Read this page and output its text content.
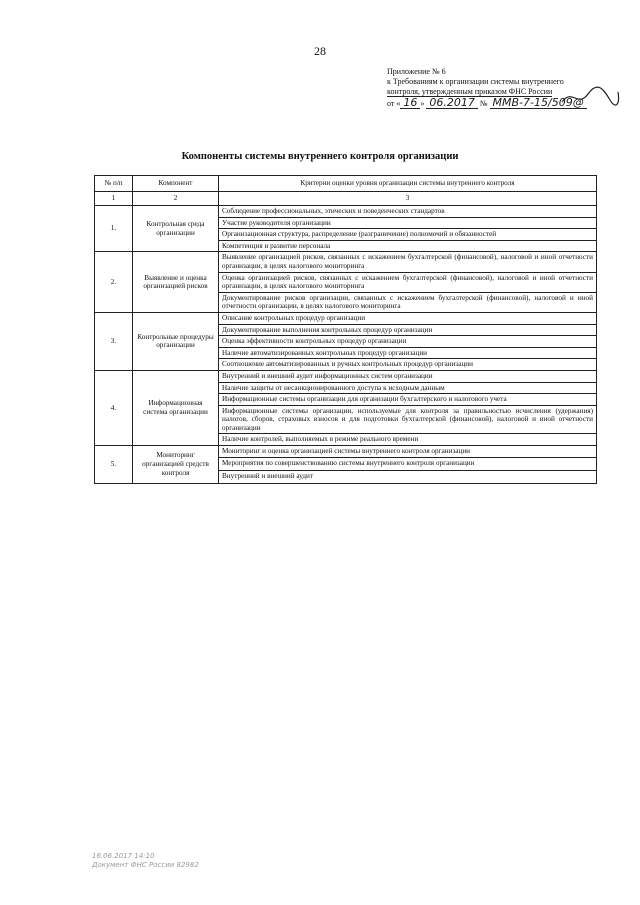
28
Приложение № 6
к Требованиям к организации системы внутреннего
контроля, утвержденным приказом ФНС России
от « 16 » 06.2017 № ММВ-7-15/509@
Компоненты системы внутреннего контроля организации
№ п/п	Компонент	Критерии оценки уровня организации системы внутреннего контроля
1	2	3
1.	Контрольная среда организации	Соблюдение профессиональных, этических и поведенческих стандартов
		Участие руководителя организации
		Организационная структура, распределение (разграничение) полномочий и обязанностей
		Компетенция и развитие персонала
2.	Выявление и оценка организацией рисков	Выявление организацией рисков, связанных с искажением бухгалтерской (финансовой), налоговой и иной отчетности организации, в целях налогового мониторинга
		Оценка организацией рисков, связанных с искажением бухгалтерской (финансовой), налоговой и иной отчетности организации, в целях налогового мониторинга
		Документирование рисков организации, связанных с искажением бухгалтерской (финансовой), налоговой и иной отчетности организации, в целях налогового мониторинга
3.	Контрольные процедуры организации	Описание контрольных процедур организации
		Документирование выполнения контрольных процедур организации
		Оценка эффективности контрольных процедур организации
		Наличие автоматизированных контрольных процедур организации
		Соотношение автоматизированных и ручных контрольных процедур организации
4.	Информационная система организации	Внутренний и внешний аудит информационных систем организации
		Наличие защиты от несанкционированного доступа к исходным данным
		Информационные системы организации для организации бухгалтерского и налогового учета
		Информационные системы организации, используемые для контроля за правильностью исчисления (удержания) налогов, сборов, страховых взносов и для подготовки бухгалтерской (финансовой), налоговой и иной отчетности организации
		Наличие контролей, выполняемых в режиме реального времени
5.	Мониторинг организацией средств контроля	Мониторинг и оценка организацией системы внутреннего контроля организации
		Мероприятия по совершенствованию системы внутреннего контроля организации
		Внутренний и внешний аудит
16.06.2017 14:10
Документ ФНС России 82982
